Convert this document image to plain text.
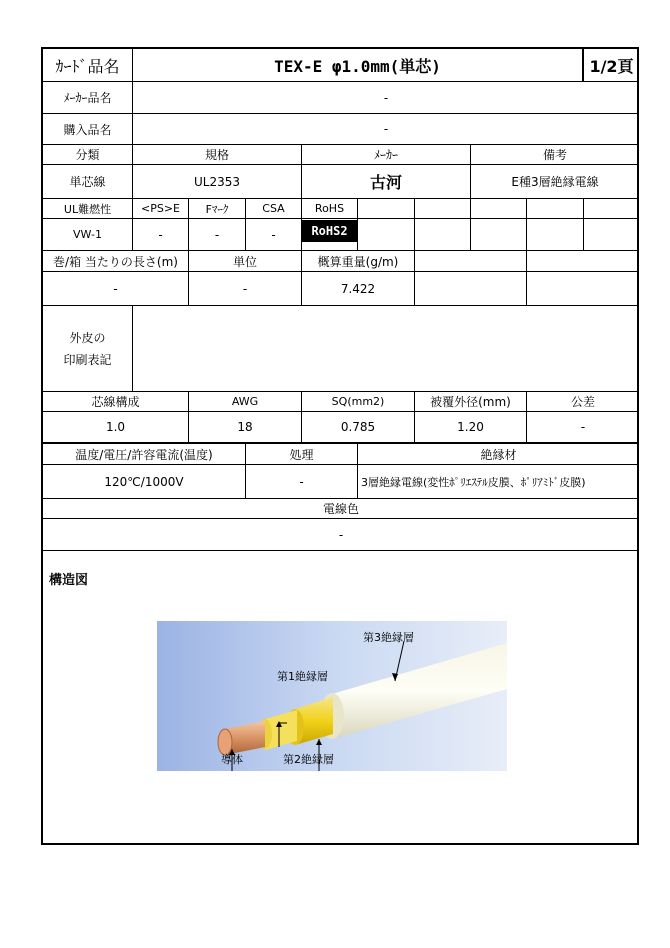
ｶｰﾄﾞ品名	TEX-E φ1.0mm(単芯)	1/2頁
ﾒｰｶｰ品名	-
購入品名	-
分類	規格	ﾒｰｶｰ	備考
単芯線	UL2353	古河	E種3層絶縁電線
UL難燃性	<PS>E	Fﾏｰｸ	CSA	RoHS
VW-1	-	-	-	RoHS2
巻/箱 当たりの長さ(m)	単位	概算重量(g/m)
-	-	7.422
外皮の
印刷表記
芯線構成	AWG	SQ(mm2)	被覆外径(mm)	公差
1.0	18	0.785	1.20	-
温度/電圧/許容電流(温度)	処理	絶縁材
120℃/1000V	-	3層絶縁電線(変性ﾎﾟﾘｴｽﾃﾙ皮膜、ﾎﾟﾘｱﾐﾄﾞ皮膜)
電線色
-
構造図
第3絶縁層
第1絶縁層
導体	第2絶縁層
